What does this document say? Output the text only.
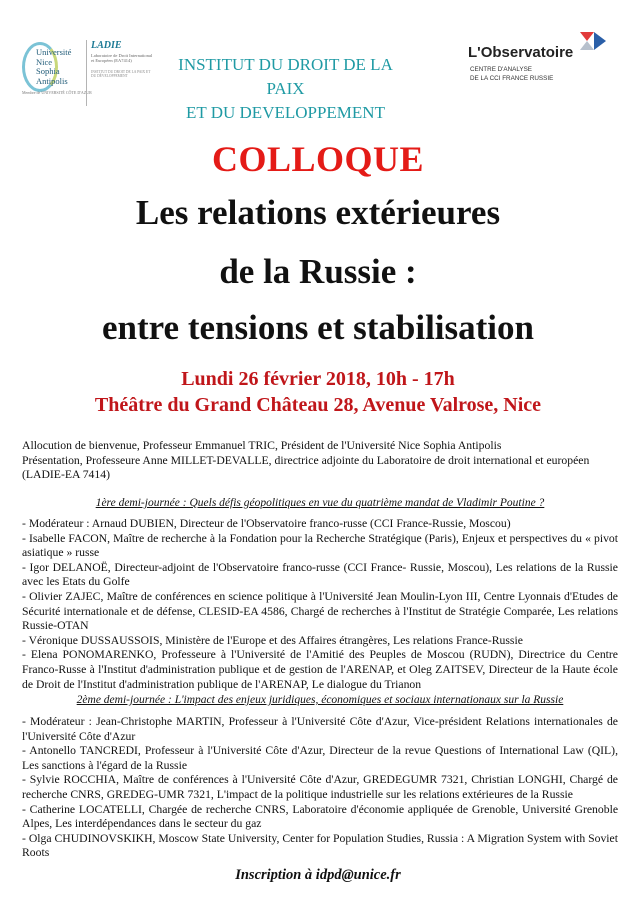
Université
Nice
Sophia Antipolis
Membre de UNIVERSITÉ CÔTE D'AZUR
LADIE
Laboratoire de Droit International et Européen (EA7414)
INSTITUT DU DROIT DE LA PAIX ET DU DÉVELOPPEMENT
INSTITUT DU DROIT DE LA PAIX
ET DU DEVELOPPEMENT
L'Observatoire
CENTRE D'ANALYSE
DE LA CCI FRANCE RUSSIE
COLLOQUE
Les relations extérieures
de la Russie :
entre tensions et stabilisation
Lundi 26 février 2018, 10h - 17h
Théâtre du Grand Château 28, Avenue Valrose, Nice

Allocution de bienvenue, Professeur Emmanuel TRIC, Président de l'Université Nice Sophia Antipolis

Présentation, Professeure Anne MILLET-DEVALLE, directrice adjointe du Laboratoire de droit international et européen (LADIE-EA 7414)

1ère demi-journée : Quels défis géopolitiques en vue du quatrième mandat de Vladimir Poutine ?

- Modérateur : Arnaud DUBIEN, Directeur de l'Observatoire franco-russe (CCI France-Russie, Moscou)

- Isabelle FACON, Maître de recherche à la Fondation pour la Recherche Stratégique (Paris), Enjeux et perspectives du « pivot asiatique » russe

- Igor DELANOË, Directeur-adjoint de l'Observatoire franco-russe (CCI France- Russie, Moscou), Les relations de la Russie avec les Etats du Golfe

- Olivier ZAJEC, Maître de conférences en science politique à l'Université Jean Moulin-Lyon III, Centre Lyonnais d'Etudes de Sécurité internationale et de défense, CLESID-EA 4586, Chargé de recherches à l'Institut de Stratégie Comparée, Les relations Russie-OTAN

- Véronique DUSSAUSSOIS, Ministère de l'Europe et des Affaires étrangères, Les relations France-Russie

- Elena PONOMARENKO, Professeure à l'Université de l'Amitié des Peuples de Moscou (RUDN), Directrice du Centre Franco-Russe à l'Institut d'administration publique et de gestion de l'ARENAP, et Oleg ZAITSEV, Directeur de la Haute école de Droit de l'Institut d'administration publique de l'ARENAP, Le dialogue du Trianon

2ème demi-journée : L'impact des enjeux juridiques, économiques et sociaux internationaux sur la Russie

- Modérateur : Jean-Christophe MARTIN, Professeur à l'Université Côte d'Azur, Vice-président Relations internationales de l'Université Côte d'Azur

- Antonello TANCREDI, Professeur à l'Université Côte d'Azur, Directeur de la revue Questions of International Law (QIL), Les sanctions à l'égard de la Russie

- Sylvie ROCCHIA, Maître de conférences à l'Université Côte d'Azur, GREDEGUMR 7321, Christian LONGHI, Chargé de recherche CNRS, GREDEG-UMR 7321, L'impact de la politique industrielle sur les relations extérieures de la Russie

- Catherine LOCATELLI, Chargée de recherche CNRS, Laboratoire d'économie appliquée de Grenoble, Université Grenoble Alpes, Les interdépendances dans le secteur du gaz

- Olga CHUDINOVSKIKH, Moscow State University, Center for Population Studies, Russia : A Migration System with Soviet Roots

Inscription à idpd@unice.fr
